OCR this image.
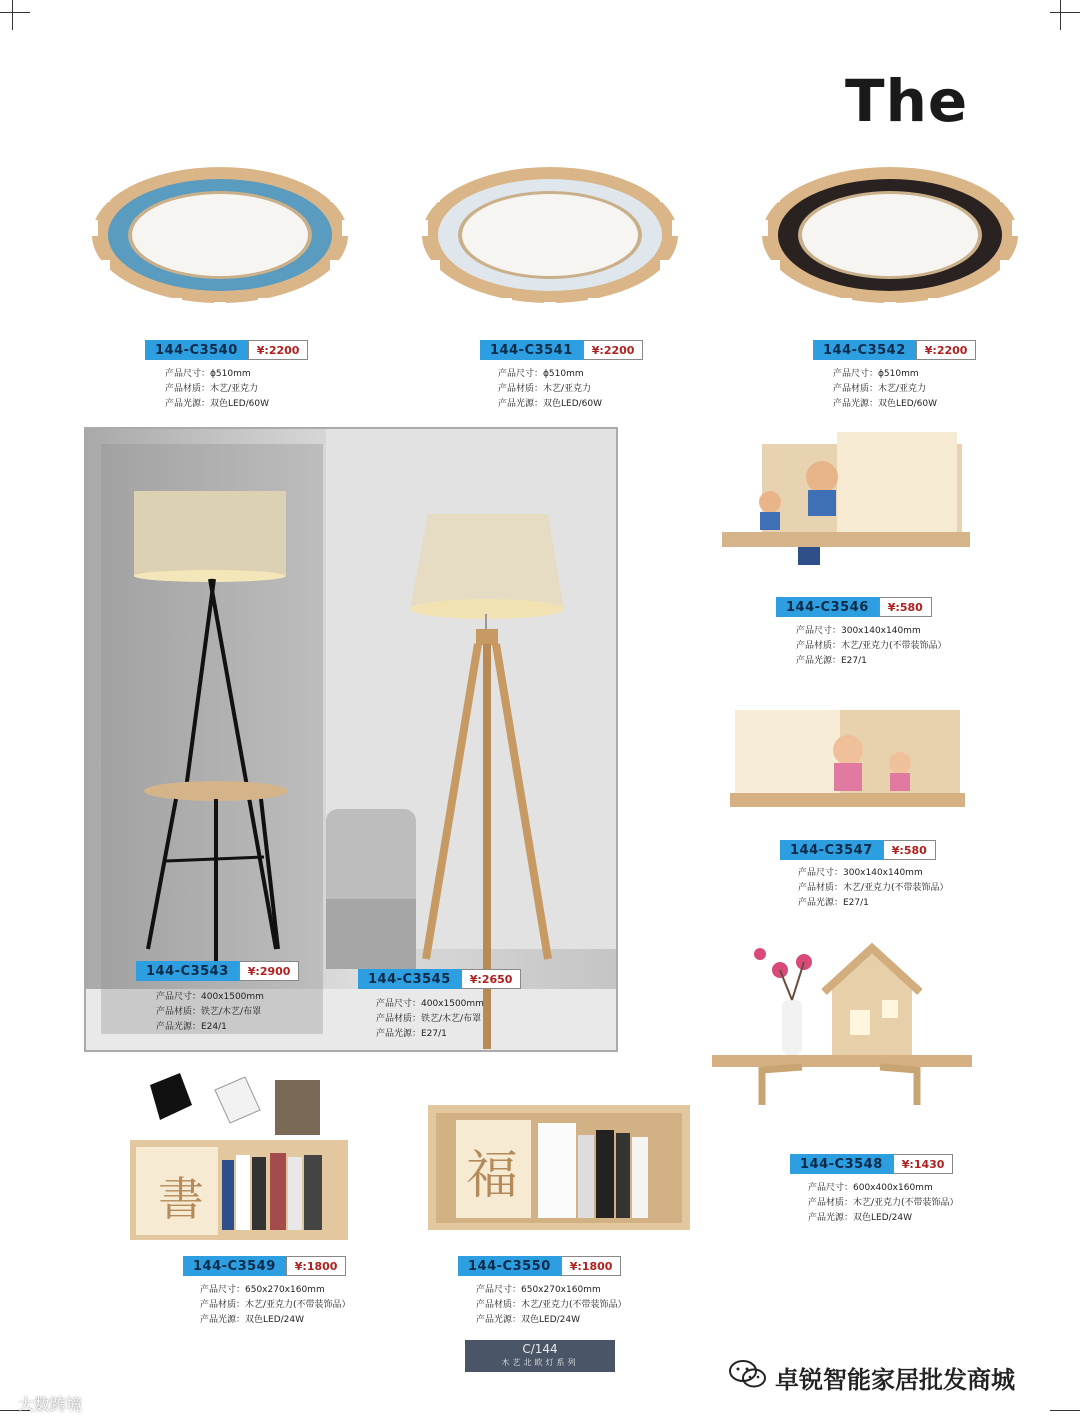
The
144-C3540	¥:2200
产品尺寸：ϕ510mm
产品材质：木艺/亚克力
产品光源：双色LED/60W
144-C3541	¥:2200
产品尺寸：ϕ510mm
产品材质：木艺/亚克力
产品光源：双色LED/60W
144-C3542	¥:2200
产品尺寸：ϕ510mm
产品材质：木艺/亚克力
产品光源：双色LED/60W
144-C3543	¥:2900
产品尺寸：400x1500mm
产品材质：铁艺/木艺/布罩
产品光源：E24/1
144-C3545	¥:2650
产品尺寸：400x1500mm
产品材质：铁艺/木艺/布罩
产品光源：E27/1
144-C3546	¥:580
产品尺寸：300x140x140mm
产品材质：木艺/亚克力(不带装饰品）
产品光源：E27/1
144-C3547	¥:580
产品尺寸：300x140x140mm
产品材质：木艺/亚克力(不带装饰品）
产品光源：E27/1
144-C3548	¥:1430
产品尺寸：600x400x160mm
产品材质：木艺/亚克力(不带装饰品）
产品光源：双色LED/24W
書
144-C3549	¥:1800
产品尺寸：650x270x160mm
产品材质：木艺/亚克力(不带装饰品）
产品光源：双色LED/24W
福
144-C3550	¥:1800
产品尺寸：650x270x160mm
产品材质：木艺/亚克力(不带装饰品）
产品光源：双色LED/24W
C/144
木艺北欧灯系列
大数跨境
卓锐智能家居批发商城
